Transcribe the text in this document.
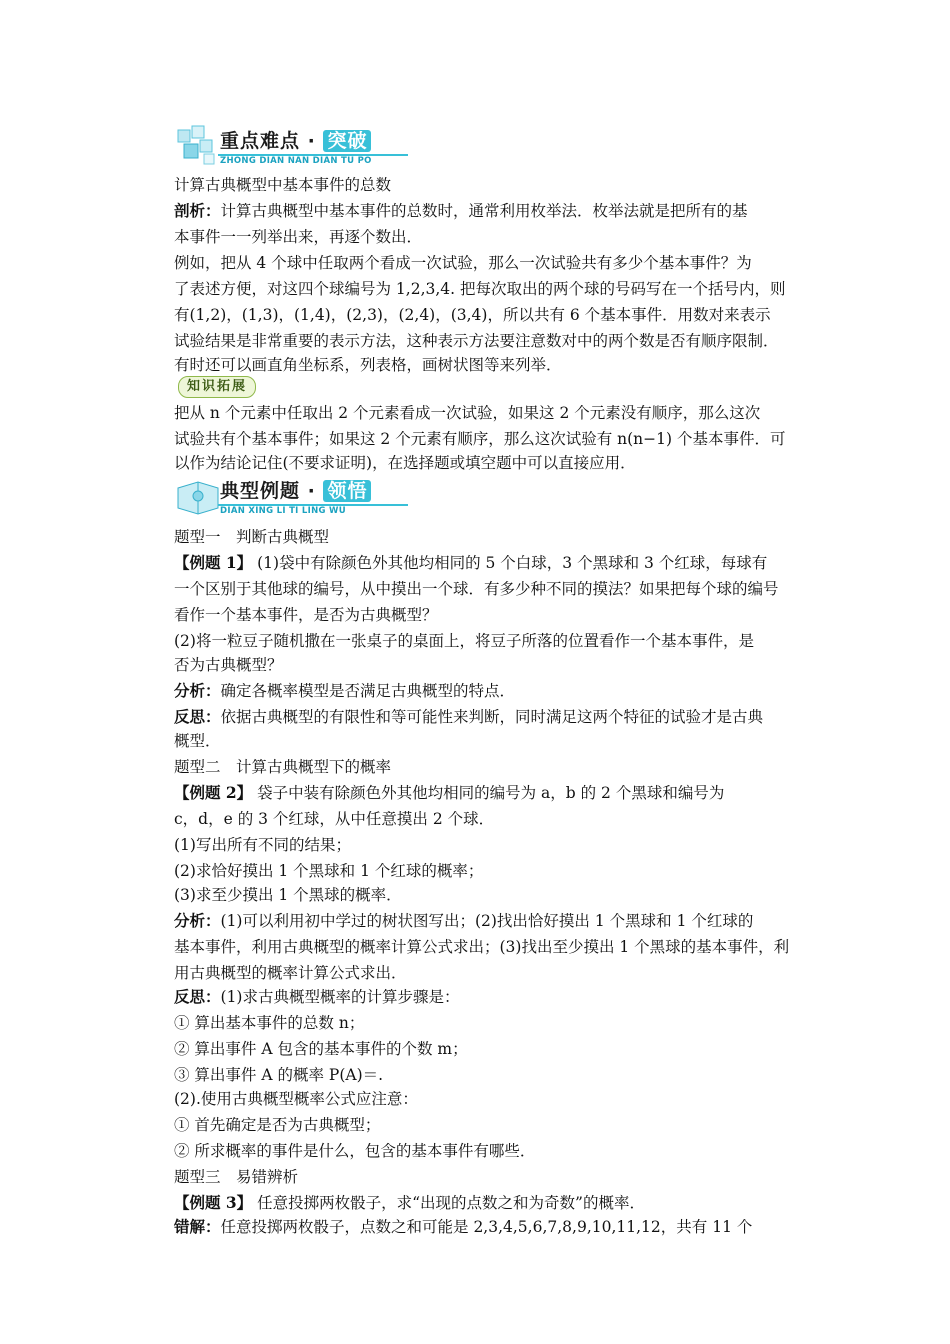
重点难点 · 突破
ZHONG DIAN NAN DIAN TU PO
计算古典概型中基本事件的总数
剖析：计算古典概型中基本事件的总数时，通常利用枚举法．枚举法就是把所有的基
本事件一一列举出来，再逐个数出．
例如，把从 4 个球中任取两个看成一次试验，那么一次试验共有多少个基本事件？为
了表述方便，对这四个球编号为 1,2,3,4. 把每次取出的两个球的号码写在一个括号内，则
有(1,2)，(1,3)，(1,4)，(2,3)，(2,4)，(3,4)，所以共有 6 个基本事件．用数对来表示
试验结果是非常重要的表示方法，这种表示方法要注意数对中的两个数是否有顺序限制．
有时还可以画直角坐标系，列表格，画树状图等来列举．
知识拓展
把从 n 个元素中任取出 2 个元素看成一次试验，如果这 2 个元素没有顺序，那么这次
试验共有个基本事件；如果这 2 个元素有顺序，那么这次试验有 n(n−1) 个基本事件．可
以作为结论记住(不要求证明)，在选择题或填空题中可以直接应用．
典型例题 · 领悟
DIAN XING LI TI LING WU
题型一　判断古典概型
【例题 1】 (1)袋中有除颜色外其他均相同的 5 个白球，3 个黑球和 3 个红球，每球有
一个区别于其他球的编号，从中摸出一个球．有多少种不同的摸法？如果把每个球的编号
看作一个基本事件，是否为古典概型？
(2)将一粒豆子随机撒在一张桌子的桌面上，将豆子所落的位置看作一个基本事件，是
否为古典概型？
分析：确定各概率模型是否满足古典概型的特点．
反思：依据古典概型的有限性和等可能性来判断，同时满足这两个特征的试验才是古典
概型．
题型二　计算古典概型下的概率
【例题 2】 袋子中装有除颜色外其他均相同的编号为 a，b 的 2 个黑球和编号为
c，d，e 的 3 个红球，从中任意摸出 2 个球．
(1)写出所有不同的结果；
(2)求恰好摸出 1 个黑球和 1 个红球的概率；
(3)求至少摸出 1 个黑球的概率．
分析：(1)可以利用初中学过的树状图写出；(2)找出恰好摸出 1 个黑球和 1 个红球的
基本事件，利用古典概型的概率计算公式求出；(3)找出至少摸出 1 个黑球的基本事件，利
用古典概型的概率计算公式求出．
反思：(1)求古典概型概率的计算步骤是：
① 算出基本事件的总数 n；
② 算出事件 A 包含的基本事件的个数 m；
③ 算出事件 A 的概率 P(A)＝.
(2).使用古典概型概率公式应注意：
① 首先确定是否为古典概型；
② 所求概率的事件是什么，包含的基本事件有哪些．
题型三　易错辨析
【例题 3】 任意投掷两枚骰子，求“出现的点数之和为奇数”的概率．
错解：任意投掷两枚骰子，点数之和可能是 2,3,4,5,6,7,8,9,10,11,12，共有 11 个
